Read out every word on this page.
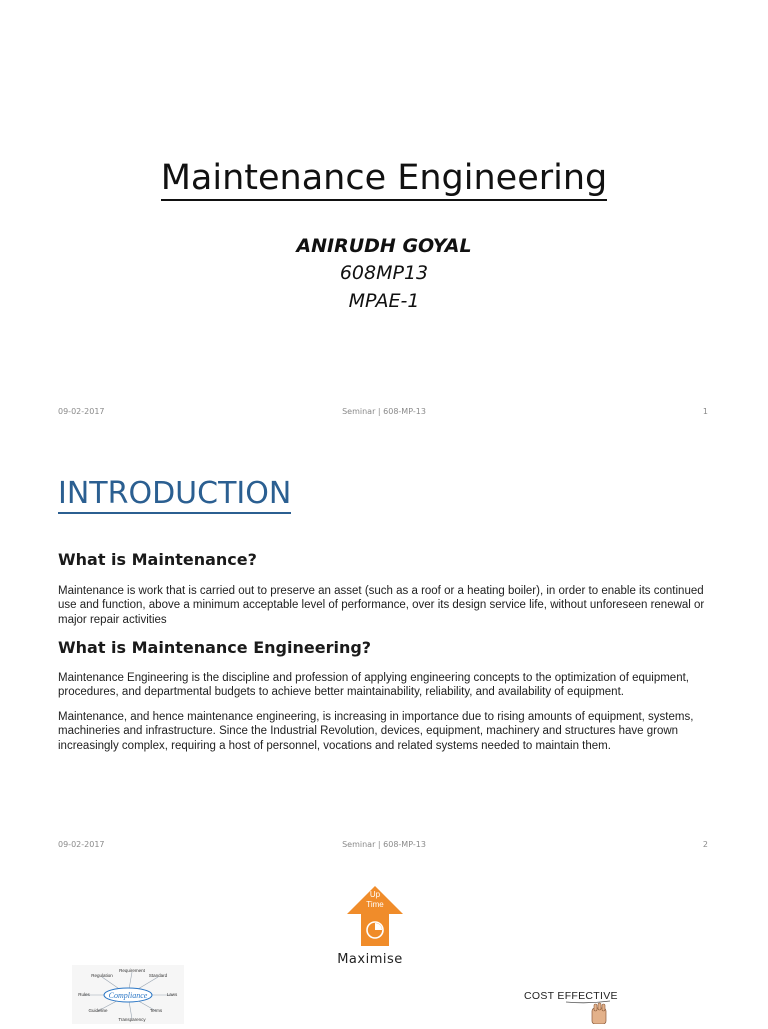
Maintenance Engineering
ANIRUDH GOYAL
608MP13
MPAE-1
09-02-2017	Seminar | 608-MP-13	1
INTRODUCTION
What is Maintenance?

Maintenance is work that is carried out to preserve an asset (such as a roof or a heating boiler), in order to enable its continued use and function, above a minimum acceptable level of performance, over its design service life, without unforeseen renewal or major repair activities

What is Maintenance Engineering?

Maintenance Engineering is the discipline and profession of applying engineering concepts to the optimization of equipment, procedures, and departmental budgets to achieve better maintainability, reliability, and availability of equipment.

Maintenance, and hence maintenance engineering, is increasing in importance due to rising amounts of equipment, systems, machineries and infrastructure. Since the Industrial Revolution, devices, equipment, machinery and structures have grown increasingly complex, requiring a host of personnel, vocations and related systems needed to maintain them.

09-02-2017	Seminar | 608-MP-13	2
Up
Time
Maximise
Compliance
Requirement
Regulation	Standard
Rules	Laws
Guideline	Terms
Transparency
COST EFFECTIVE
